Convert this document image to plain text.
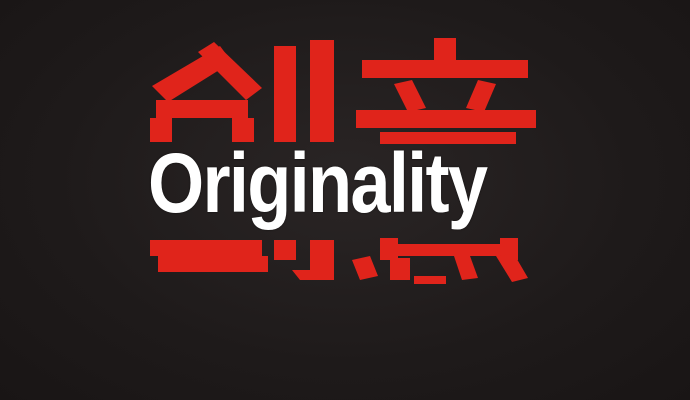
Originality
